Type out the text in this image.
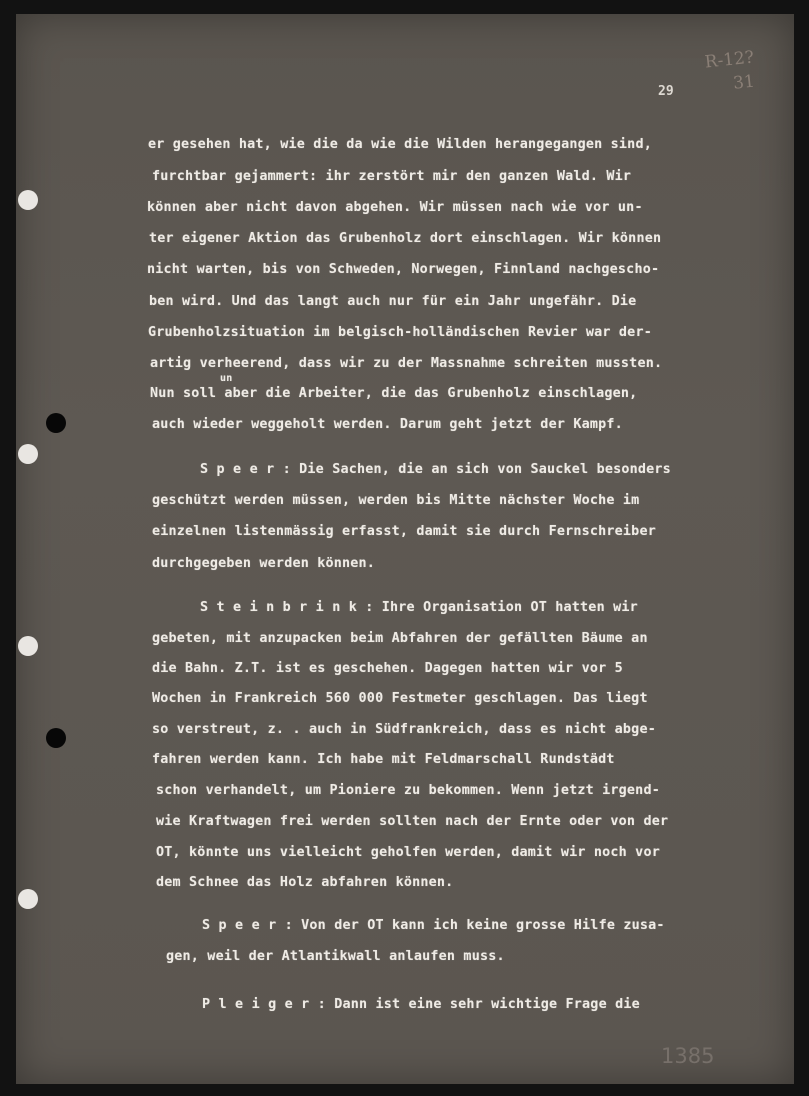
R-12?
31
29
er gesehen hat, wie die da wie die Wilden herangegangen sind,
furchtbar gejammert: ihr zerstört mir den ganzen Wald. Wir
können aber nicht davon abgehen. Wir müssen nach wie vor un-
ter eigener Aktion das Grubenholz dort einschlagen. Wir können
nicht warten, bis von Schweden, Norwegen, Finnland nachgescho-
ben wird. Und das langt auch nur für ein Jahr ungefähr. Die
Grubenholzsituation im belgisch-holländischen Revier war der-
artig verheerend, dass wir zu der Massnahme schreiten mussten.
un
Nun soll aber die Arbeiter, die das Grubenholz einschlagen,
auch wieder weggeholt werden. Darum geht jetzt der Kampf.
S p e e r : Die Sachen, die an sich von Sauckel besonders
geschützt werden müssen, werden bis Mitte nächster Woche im
einzelnen listenmässig erfasst, damit sie durch Fernschreiber
durchgegeben werden können.
S t e i n b r i n k : Ihre Organisation OT hatten wir
gebeten, mit anzupacken beim Abfahren der gefällten Bäume an
die Bahn. Z.T. ist es geschehen. Dagegen hatten wir vor 5
Wochen in Frankreich 560 000 Festmeter geschlagen. Das liegt
so verstreut, z. . auch in Südfrankreich, dass es nicht abge-
fahren werden kann. Ich habe mit Feldmarschall Rundstädt
schon verhandelt, um Pioniere zu bekommen. Wenn jetzt irgend-
wie Kraftwagen frei werden sollten nach der Ernte oder von der
OT, könnte uns vielleicht geholfen werden, damit wir noch vor
dem Schnee das Holz abfahren können.
S p e e r : Von der OT kann ich keine grosse Hilfe zusa-
gen, weil der Atlantikwall anlaufen muss.
P l e i g e r : Dann ist eine sehr wichtige Frage die
1385
